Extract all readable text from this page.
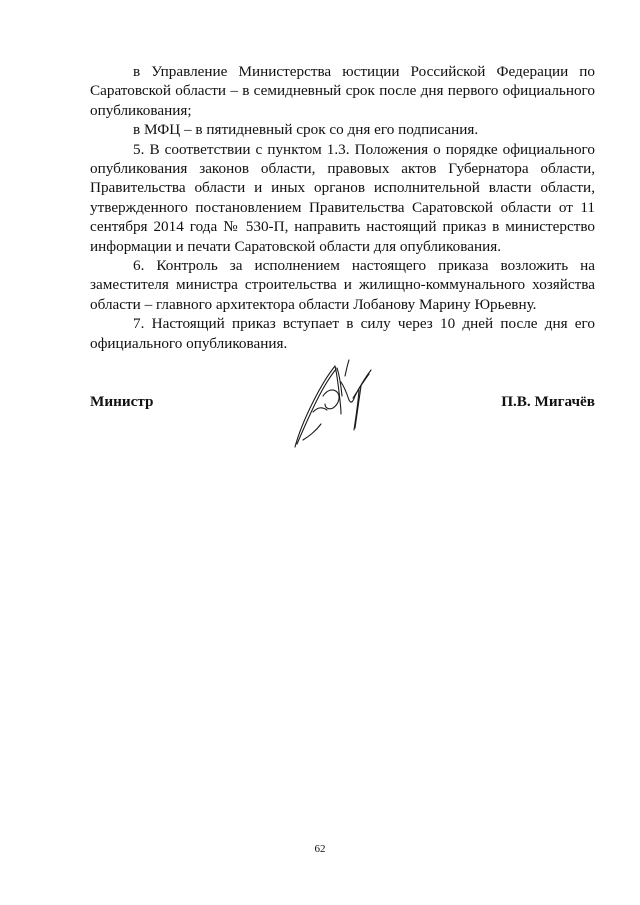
в Управление Министерства юстиции Российской Федерации по Саратовской области – в семидневный срок после дня первого официального опубликования;

в МФЦ – в пятидневный срок со дня его подписания.

5. В соответствии с пунктом 1.3. Положения о порядке официального опубликования законов области, правовых актов Губернатора области, Правительства области и иных органов исполнительной власти области, утвержденного постановлением Правительства Саратовской области от 11 сентября 2014 года № 530-П, направить настоящий приказ в министерство информации и печати Саратовской области для опубликования.

6. Контроль за исполнением настоящего приказа возложить на заместителя министра строительства и жилищно-коммунального хозяйства области – главного архитектора области Лобанову Марину Юрьевну.

7. Настоящий приказ вступает в силу через 10 дней после дня его официального опубликования.

Министр	П.В. Мигачёв
62
